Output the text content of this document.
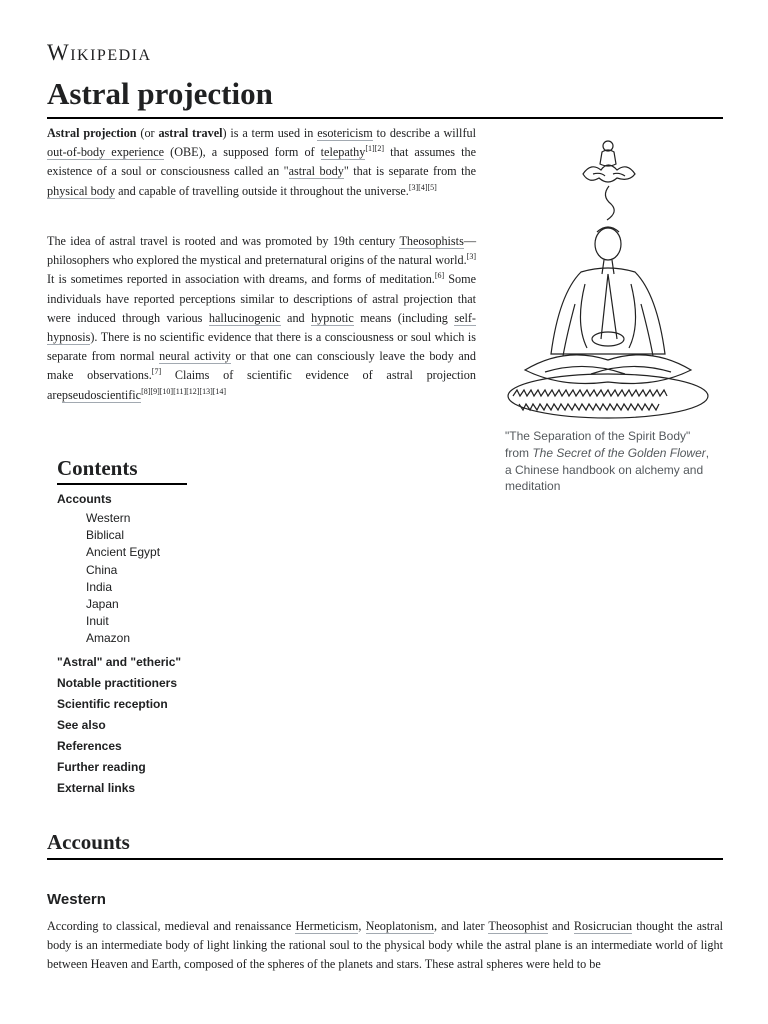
Wikipedia
Astral projection

Astral projection (or astral travel) is a term used in esotericism to describe a willful out-of-body experience (OBE), a supposed form of telepathy[1][2] that assumes the existence of a soul or consciousness called an "astral body" that is separate from the physical body and capable of travelling outside it throughout the universe.[3][4][5]

The idea of astral travel is rooted and was promoted by 19th century Theosophists—philosophers who explored the mystical and preternatural origins of the natural world.[3] It is sometimes reported in association with dreams, and forms of meditation.[6] Some individuals have reported perceptions similar to descriptions of astral projection that were induced through various hallucinogenic and hypnotic means (including self-hypnosis). There is no scientific evidence that there is a consciousness or soul which is separate from normal neural activity or that one can consciously leave the body and make observations.[7] Claims of scientific evidence of astral projection arepseudoscientific[8][9][10][11][12][13][14]

"The Separation of the Spirit Body" from The Secret of the Golden Flower, a Chinese handbook on alchemy and meditation
Contents
Accounts
Western
Biblical
Ancient Egypt
China
India
Japan
Inuit
Amazon
"Astral" and "etheric"
Notable practitioners
Scientific reception
See also
References
Further reading
External links
Accounts
Western

According to classical, medieval and renaissance Hermeticism, Neoplatonism, and later Theosophist and Rosicrucian thought the astral body is an intermediate body of light linking the rational soul to the physical body while the astral plane is an intermediate world of light between Heaven and Earth, composed of the spheres of the planets and stars. These astral spheres were held to be
